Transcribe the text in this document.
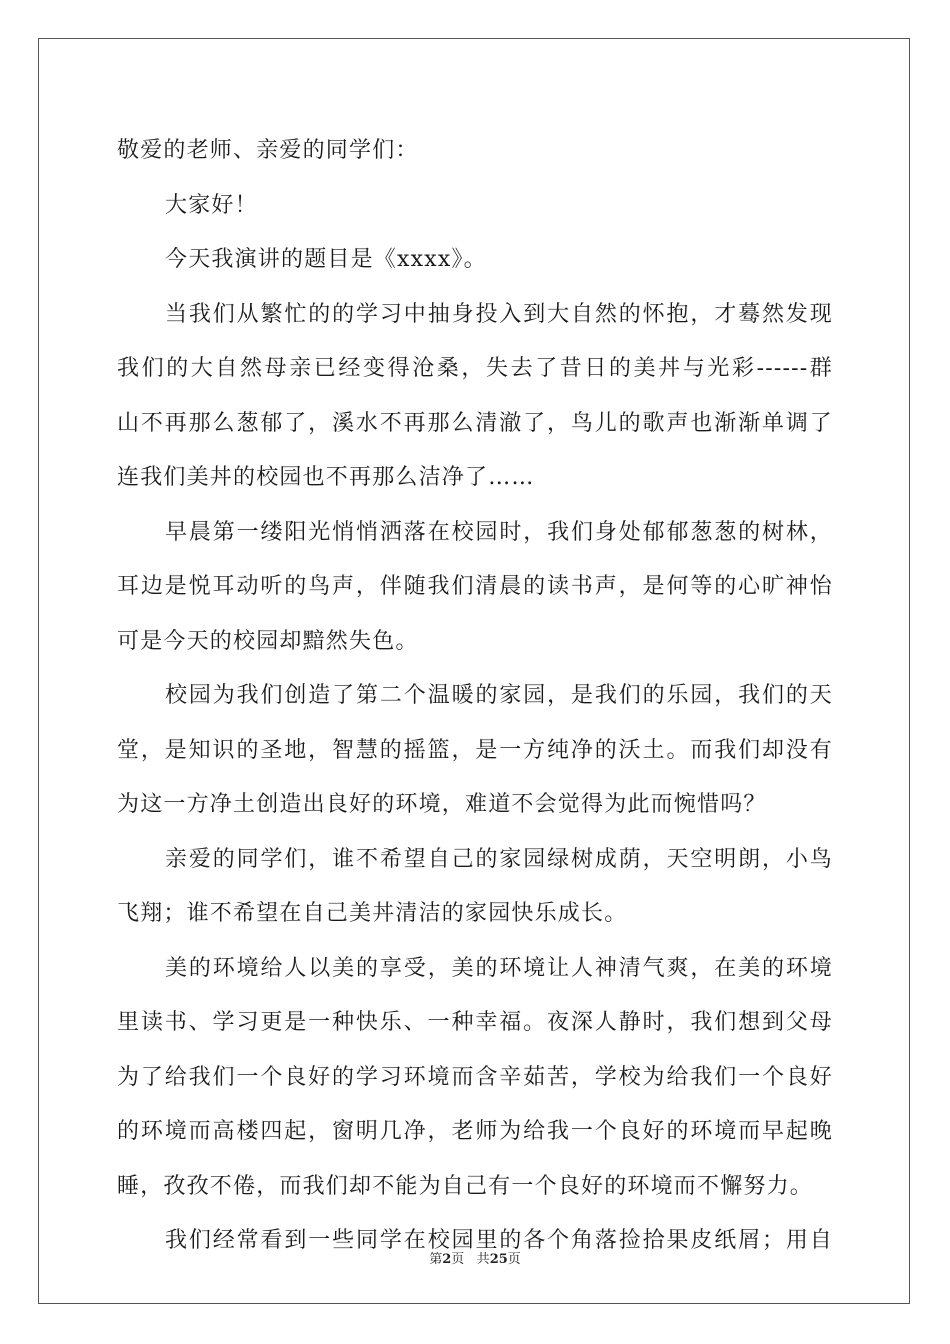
敬爱的老师、亲爱的同学们：
大家好！
今天我演讲的题目是《xxxx》。
当我们从繁忙的的学习中抽身投入到大自然的怀抱，才蓦然发现
我们的大自然母亲已经变得沧桑，失去了昔日的美丼与光彩------群
山不再那么葱郁了，溪水不再那么清澈了，鸟儿的歌声也渐渐单调了
连我们美丼的校园也不再那么洁净了……
早晨第一缕阳光悄悄洒落在校园时，我们身处郁郁葱葱的树林，
耳边是悦耳动听的鸟声，伴随我们清晨的读书声，是何等的心旷神怡
可是今天的校园却黯然失色。
校园为我们创造了第二个温暖的家园，是我们的乐园，我们的天
堂，是知识的圣地，智慧的摇篮，是一方纯净的沃土。而我们却没有
为这一方净土创造出良好的环境，难道不会觉得为此而惋惜吗？
亲爱的同学们，谁不希望自己的家园绿树成荫，天空明朗，小鸟
飞翔；谁不希望在自己美丼清洁的家园快乐成长。
美的环境给人以美的享受，美的环境让人神清气爽，在美的环境
里读书、学习更是一种快乐、一种幸福。夜深人静时，我们想到父母
为了给我们一个良好的学习环境而含辛茹苦，学校为给我们一个良好
的环境而高楼四起，窗明几净，老师为给我一个良好的环境而早起晚
睡，孜孜不倦，而我们却不能为自己有一个良好的环境而不懈努力。
我们经常看到一些同学在校园里的各个角落捡拾果皮纸屑；用自
第2页 共25页
